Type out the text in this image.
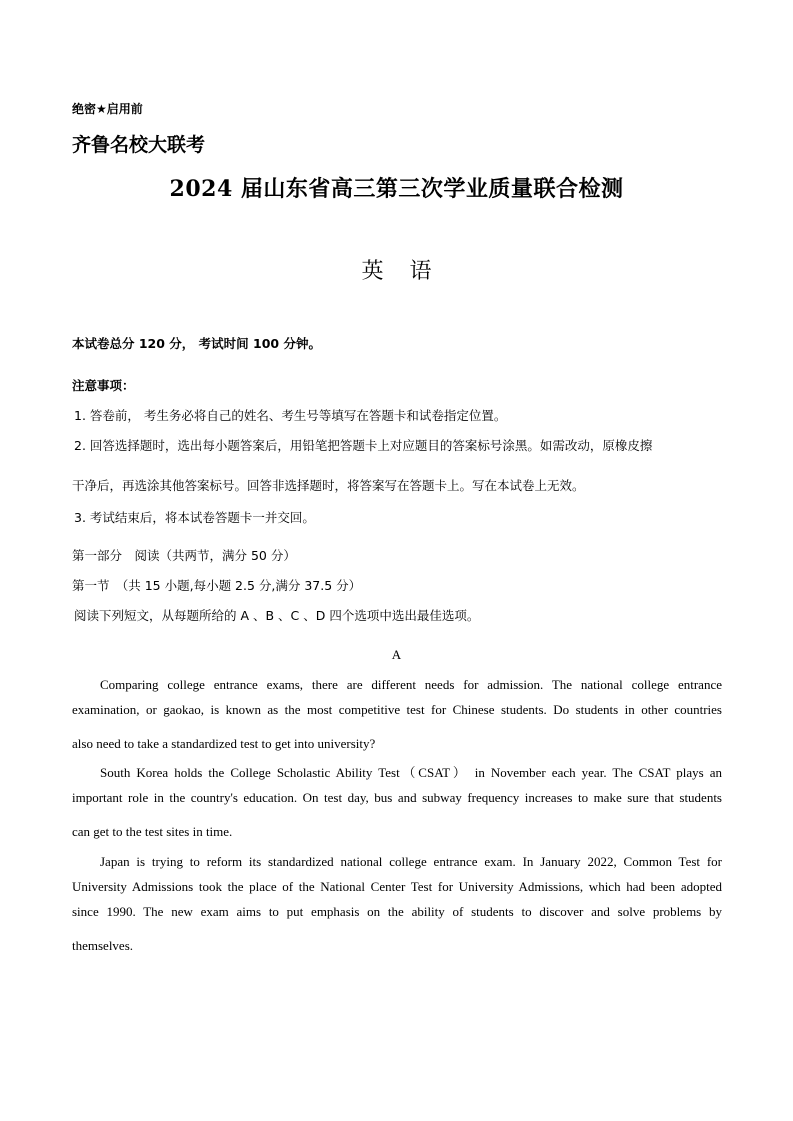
绝密★启用前
齐鲁名校大联考
2024 届山东省高三第三次学业质量联合检测
英语
本试卷总分 120 分， 考试时间 100 分钟。
注意事项：
1. 答卷前， 考生务必将自己的姓名、考生号等填写在答题卡和试卷指定位置。
2. 回答选择题时，选出每小题答案后，用铅笔把答题卡上对应题目的答案标号涂黑。如需改动，原橡皮擦
干净后，再选涂其他答案标号。回答非选择题时，将答案写在答题卡上。写在本试卷上无效。
3. 考试结束后，将本试卷答题卡一并交回。
第一部分　阅读（共两节，满分 50 分）
第一节　（共 15 小题,每小题 2.5 分,满分 37.5 分）
阅读下列短文，从每题所给的 A 、B 、C 、D 四个选项中选出最佳选项。
A
Comparing college entrance exams, there are different needs for admission. The national college entrance
examination, or gaokao, is known as the most competitive test for Chinese students. Do students in other countries
also need to take a standardized test to get into university?
South Korea holds the College Scholastic Ability Test（CSAT） in November each year. The CSAT plays an
important role in the country's education. On test day, bus and subway frequency increases to make sure that students
can get to the test sites in time.
Japan is trying to reform its standardized national college entrance exam. In January 2022, Common Test for
University Admissions took the place of the National Center Test for University Admissions, which had been adopted
since 1990. The new exam aims to put emphasis on the ability of students to discover and solve problems by
themselves.
